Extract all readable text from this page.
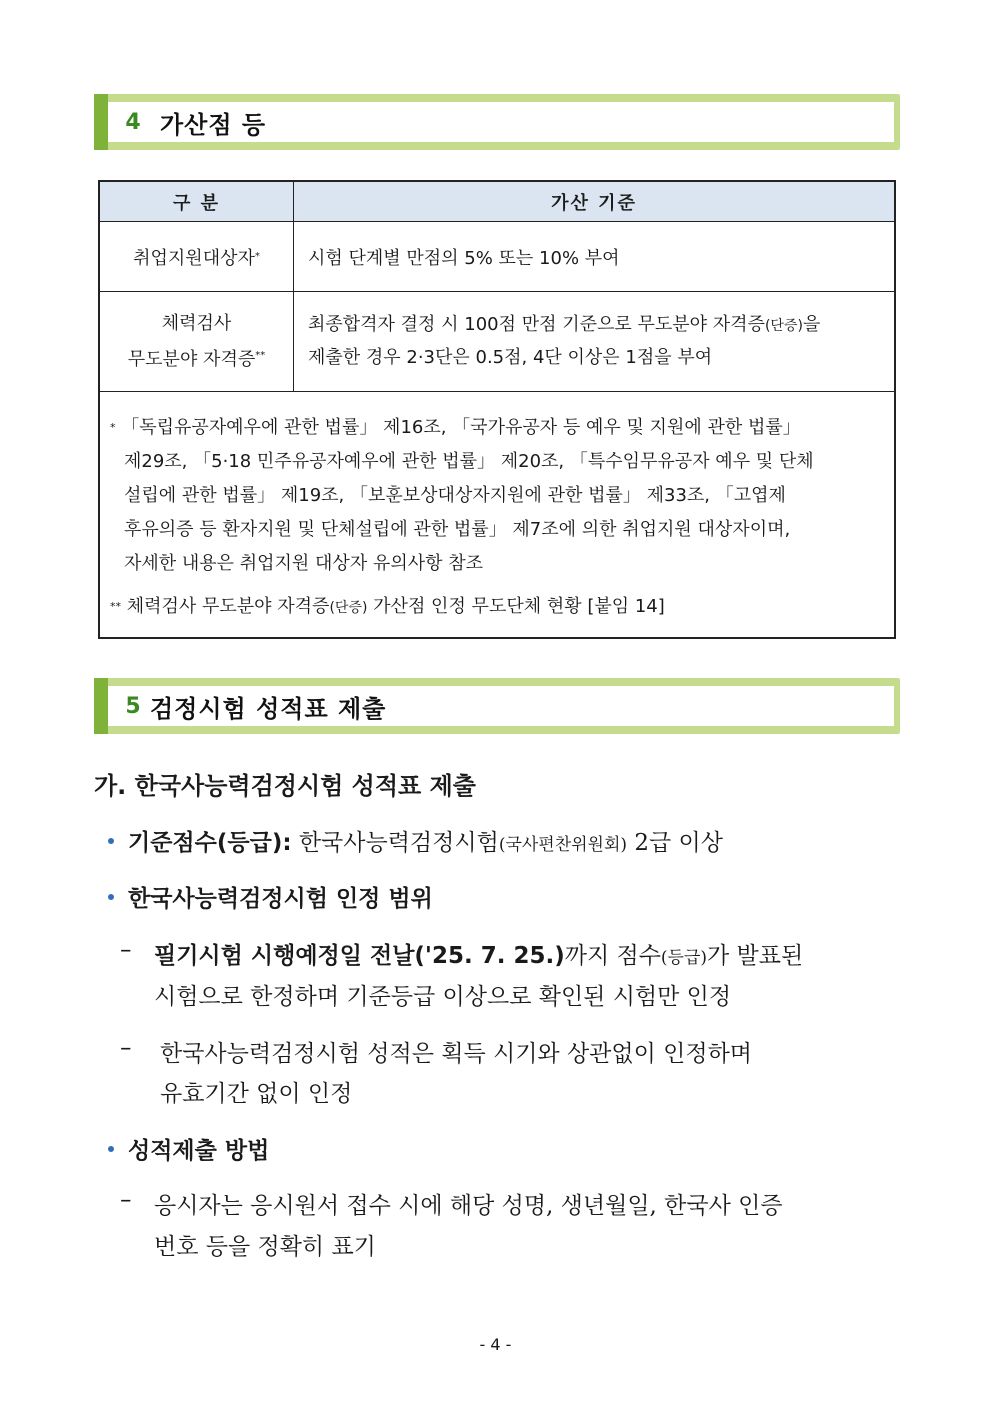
4 가산점 등
구 분	가산 기준
취업지원대상자 *	시험 단계별 만점의 5% 또는 10% 부여
체력검사
무도분야 자격증**
최종합격자 결정 시 100점 만점 기준으로 무도분야 자격증(단증)을
제출한 경우 2·3단은 0.5점, 4단 이상은 1점을 부여
* 「독립유공자예우에 관한 법률」 제16조, 「국가유공자 등 예우 및 지원에 관한 법률」
제29조, 「5·18 민주유공자예우에 관한 법률」 제20조, 「특수임무유공자 예우 및 단체
설립에 관한 법률」 제19조, 「보훈보상대상자지원에 관한 법률」 제33조, 「고엽제
후유의증 등 환자지원 및 단체설립에 관한 법률」 제7조에 의한 취업지원 대상자이며,
자세한 내용은 취업지원 대상자 유의사항 참조
** 체력검사 무도분야 자격증(단증) 가산점 인정 무도단체 현황 [붙임 14]
5 검정시험 성적표 제출
가. 한국사능력검정시험 성적표 제출
기준점수(등급): 한국사능력검정시험(국사편찬위원회) 2급 이상
한국사능력검정시험 인정 범위
– 필기시험 시행예정일 전날('25. 7. 25.)까지 점수(등급)가 발표된
시험으로 한정하며 기준등급 이상으로 확인된 시험만 인정
– 한국사능력검정시험 성적은 획득 시기와 상관없이 인정하며
유효기간 없이 인정
성적제출 방법
– 응시자는 응시원서 접수 시에 해당 성명, 생년월일, 한국사 인증
번호 등을 정확히 표기
- 4 -
